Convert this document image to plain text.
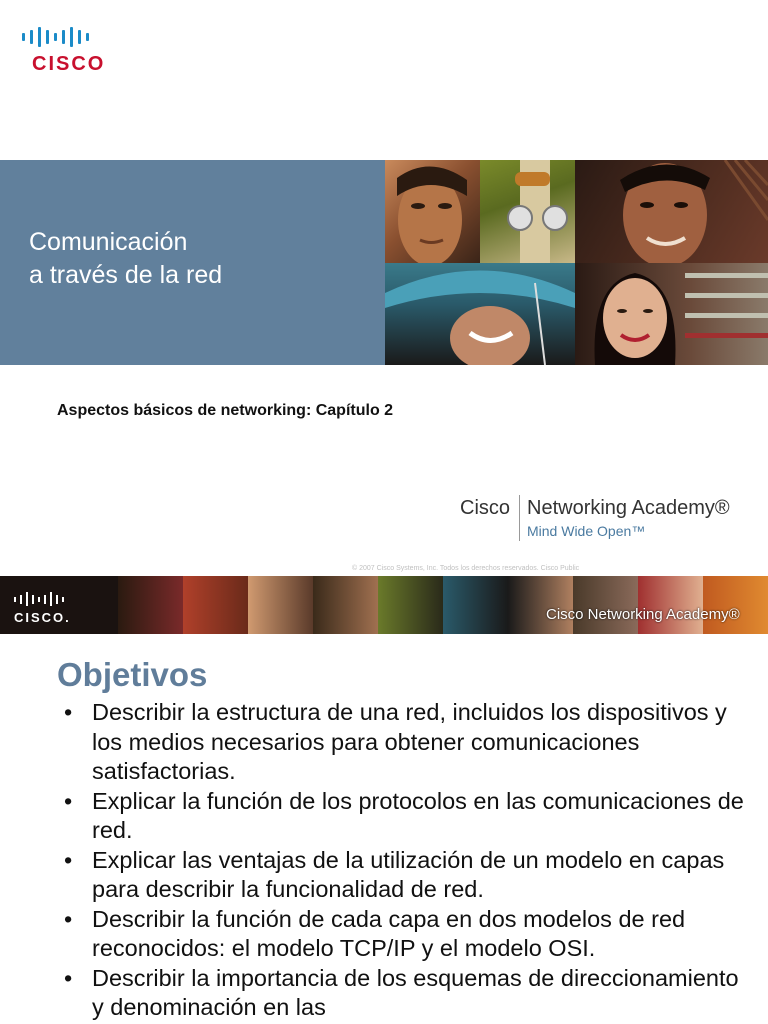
CISCO
Comunicación
a través de la red
Aspectos básicos de networking: Capítulo 2
Cisco Networking Academy®
Mind Wide Open™
© 2007 Cisco Systems, Inc. Todos los derechos reservados. Cisco Public
CISCO.	Cisco Networking Academy®
Objetivos
• Describir la estructura de una red, incluidos los dispositivos y los medios necesarios para obtener comunicaciones satisfactorias.
• Explicar la función de los protocolos en las comunicaciones de red.
• Explicar las ventajas de la utilización de un modelo en capas para describir la funcionalidad de red.
• Describir la función de cada capa en dos modelos de red reconocidos: el modelo TCP/IP y el modelo OSI.
• Describir la importancia de los esquemas de direccionamiento y denominación en las
